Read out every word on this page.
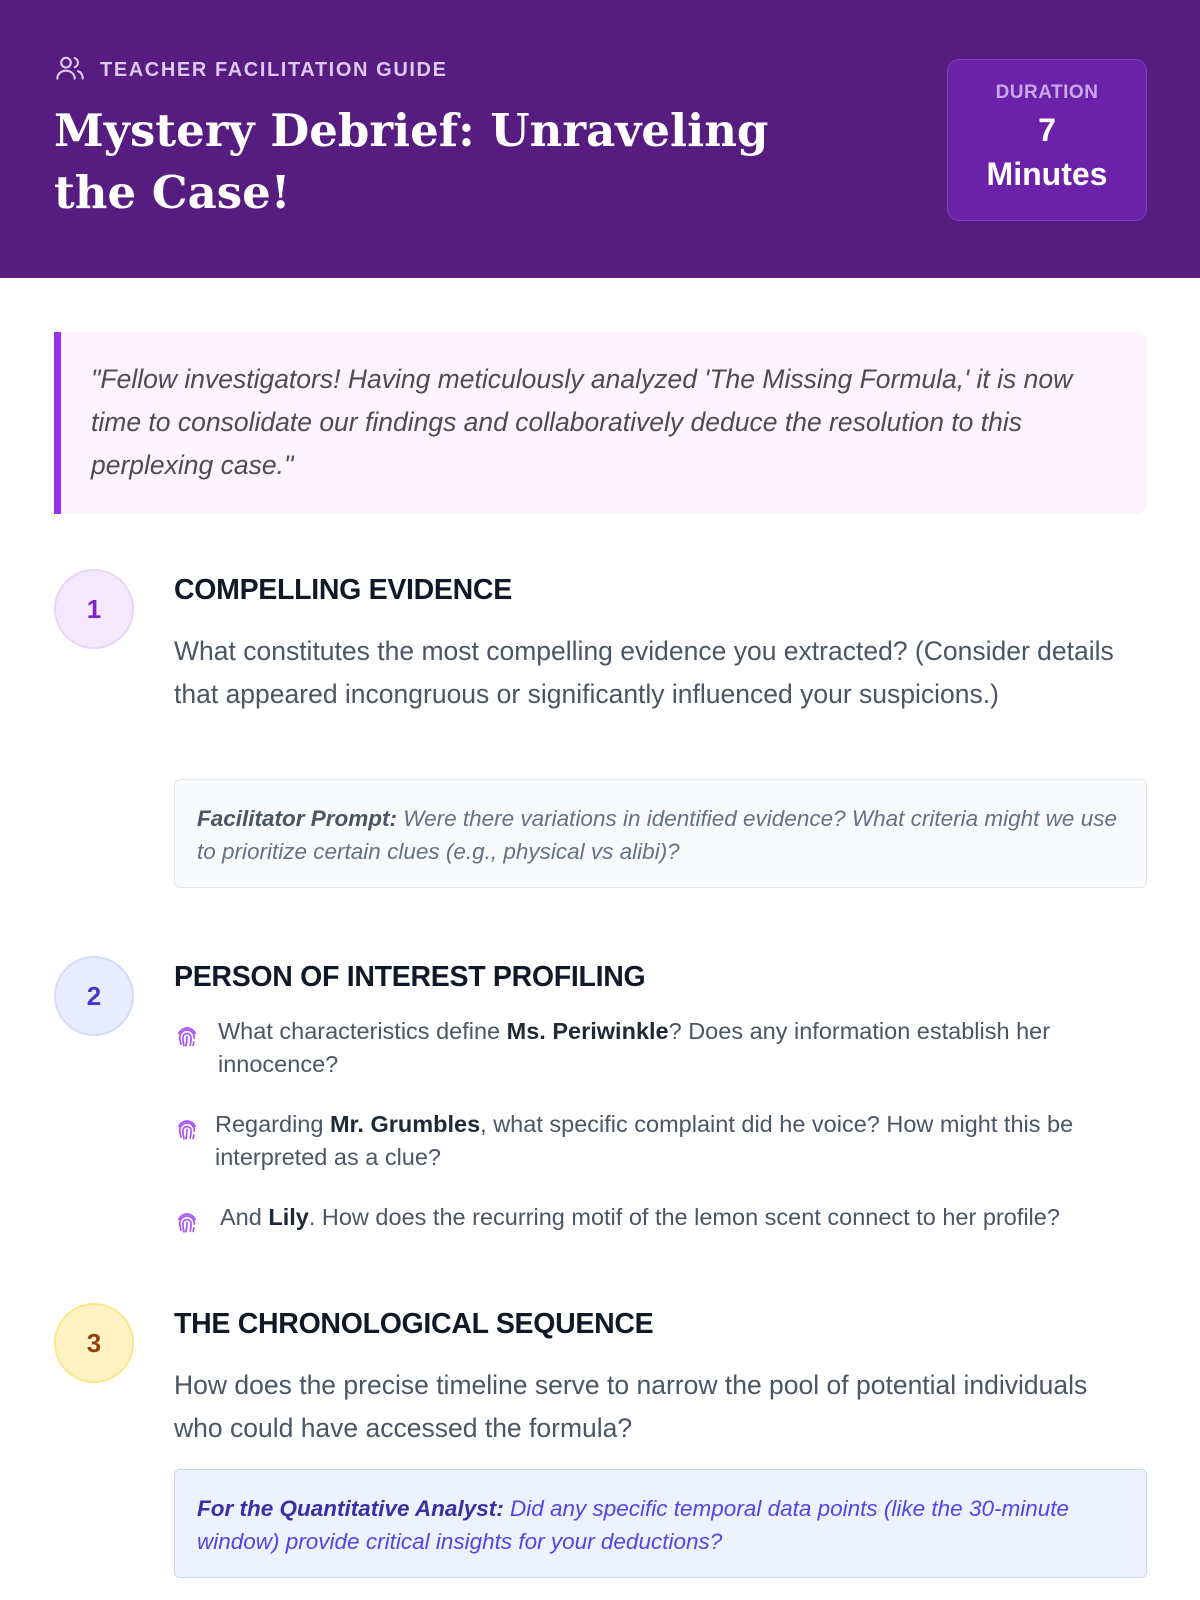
TEACHER FACILITATION GUIDE
Mystery Debrief: Unraveling the Case!
DURATION
7
Minutes
"Fellow investigators! Having meticulously analyzed 'The Missing Formula,' it is now time to consolidate our findings and collaboratively deduce the resolution to this perplexing case."
1
COMPELLING EVIDENCE
What constitutes the most compelling evidence you extracted? (Consider details that appeared incongruous or significantly influenced your suspicions.)
Facilitator Prompt: Were there variations in identified evidence? What criteria might we use to prioritize certain clues (e.g., physical vs alibi)?
2
PERSON OF INTEREST PROFILING
What characteristics define Ms. Periwinkle? Does any information establish her innocence?
Regarding Mr. Grumbles, what specific complaint did he voice? How might this be interpreted as a clue?
And Lily. How does the recurring motif of the lemon scent connect to her profile?
3
THE CHRONOLOGICAL SEQUENCE
How does the precise timeline serve to narrow the pool of potential individuals who could have accessed the formula?
For the Quantitative Analyst: Did any specific temporal data points (like the 30-minute window) provide critical insights for your deductions?
